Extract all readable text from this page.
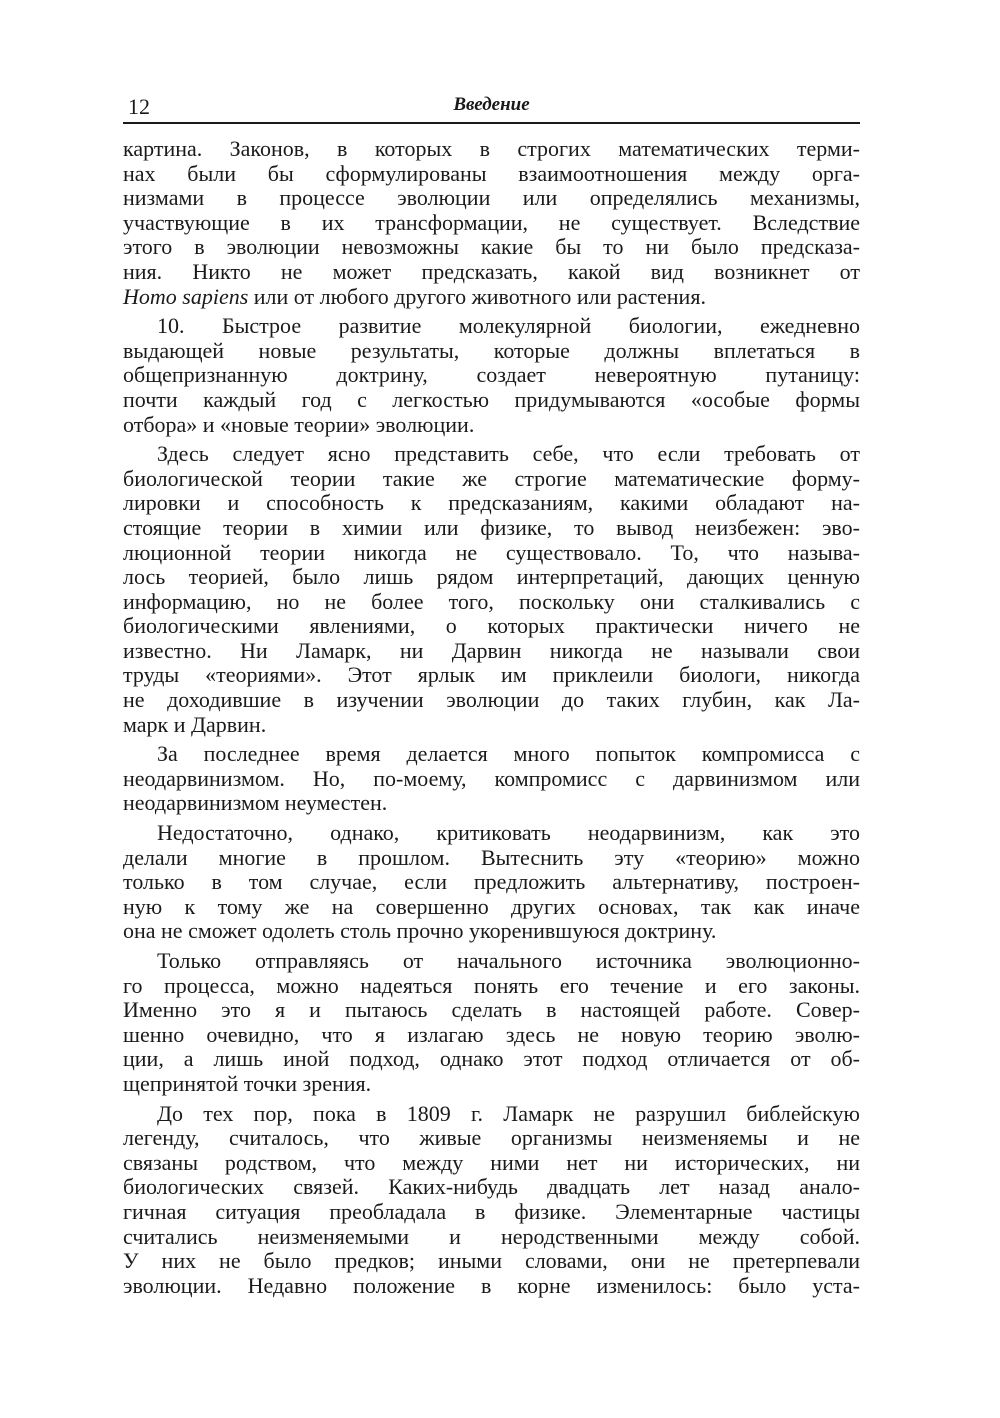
12	Введение
картина. Законов, в которых в строгих математических терми-
нах были бы сформулированы взаимоотношения между орга-
низмами в процессе эволюции или определялись механизмы,
участвующие в их трансформации, не существует. Вследствие
этого в эволюции невозможны какие бы то ни было предсказа-
ния. Никто не может предсказать, какой вид возникнет от
Homo sapiens или от любого другого животного или растения.
10. Быстрое развитие молекулярной биологии, ежедневно
выдающей новые результаты, которые должны вплетаться в
общепризнанную доктрину, создает невероятную путаницу:
почти каждый год с легкостью придумываются «особые формы
отбора» и «новые теории» эволюции.
Здесь следует ясно представить себе, что если требовать от
биологической теории такие же строгие математические форму-
лировки и способность к предсказаниям, какими обладают на-
стоящие теории в химии или физике, то вывод неизбежен: эво-
люционной теории никогда не существовало. То, что называ-
лось теорией, было лишь рядом интерпретаций, дающих ценную
информацию, но не более того, поскольку они сталкивались с
биологическими явлениями, о которых практически ничего не
известно. Ни Ламарк, ни Дарвин никогда не называли свои
труды «теориями». Этот ярлык им приклеили биологи, никогда
не доходившие в изучении эволюции до таких глубин, как Ла-
марк и Дарвин.
За последнее время делается много попыток компромисса с
неодарвинизмом. Но, по-моему, компромисс с дарвинизмом или
неодарвинизмом неуместен.
Недостаточно, однако, критиковать неодарвинизм, как это
делали многие в прошлом. Вытеснить эту «теорию» можно
только в том случае, если предложить альтернативу, построен-
ную к тому же на совершенно других основах, так как иначе
она не сможет одолеть столь прочно укоренившуюся доктрину.
Только отправляясь от начального источника эволюционно-
го процесса, можно надеяться понять его течение и его законы.
Именно это я и пытаюсь сделать в настоящей работе. Совер-
шенно очевидно, что я излагаю здесь не новую теорию эволю-
ции, а лишь иной подход, однако этот подход отличается от об-
щепринятой точки зрения.
До тех пор, пока в 1809 г. Ламарк не разрушил библейскую
легенду, считалось, что живые организмы неизменяемы и не
связаны родством, что между ними нет ни исторических, ни
биологических связей. Каких-нибудь двадцать лет назад анало-
гичная ситуация преобладала в физике. Элементарные частицы
считались неизменяемыми и неродственными между собой.
У них не было предков; иными словами, они не претерпевали
эволюции. Недавно положение в корне изменилось: было уста-
